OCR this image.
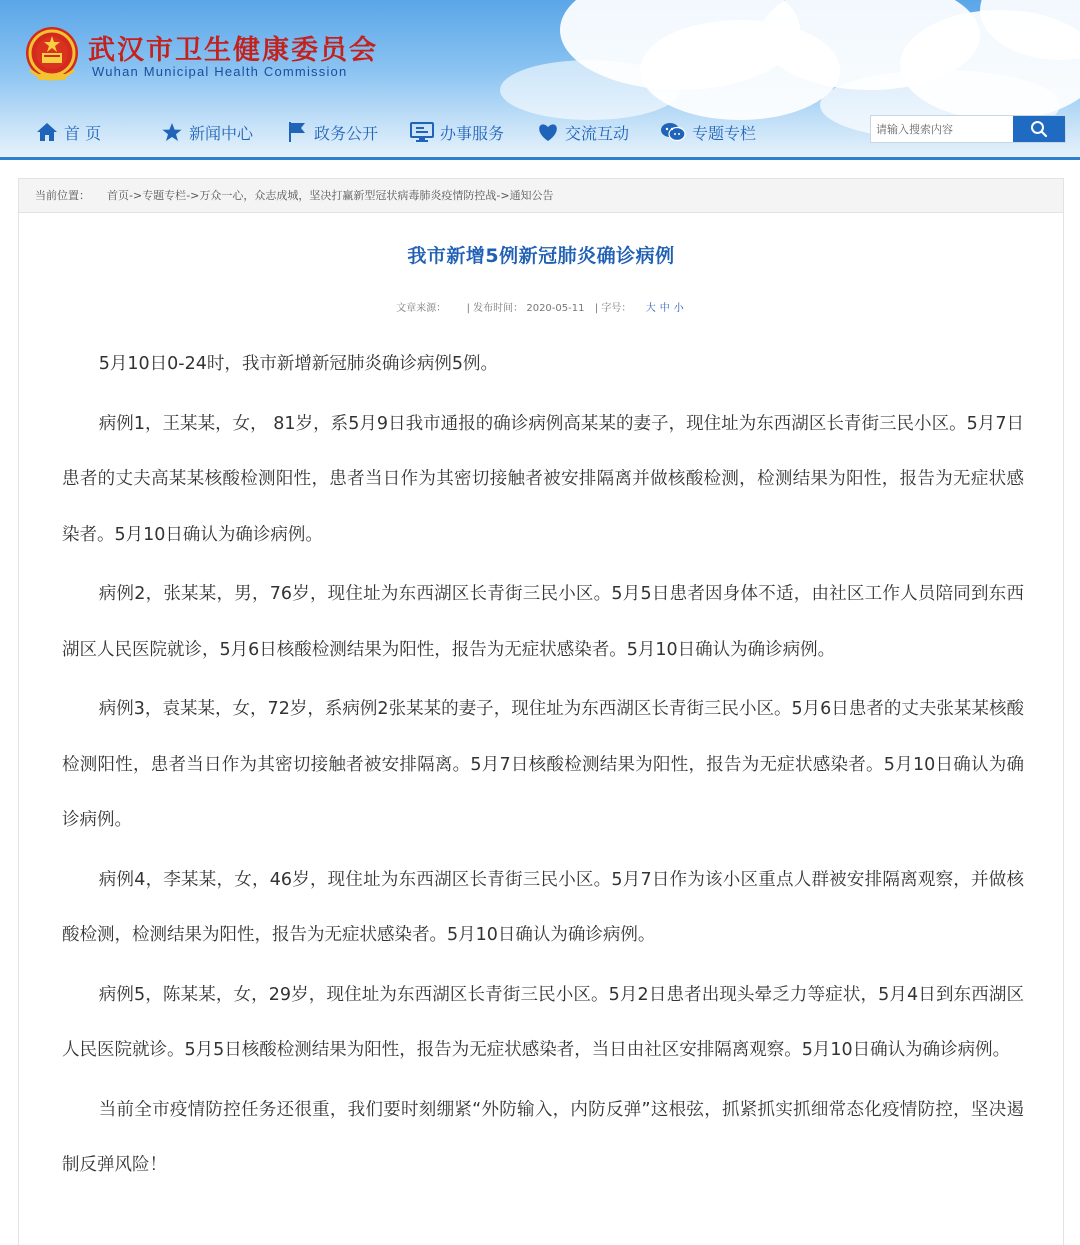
武汉市卫生健康委员会
Wuhan Municipal Health Commission
首 页	新闻中心	政务公开	办事服务	交流互动	专题专栏
请输入搜索内容
当前位置： 首页->专题专栏->万众一心，众志成城，坚决打赢新型冠状病毒肺炎疫情防控战->通知公告
我市新增5例新冠肺炎确诊病例
文章来源： | 发布时间： 2020-05-11 | 字号： 大 中 小

5月10日0-24时，我市新增新冠肺炎确诊病例5例。

病例1，王某某，女， 81岁，系5月9日我市通报的确诊病例高某某的妻子，现住址为东西湖区长青街三民小区。5月7日患者的丈夫高某某核酸检测阳性，患者当日作为其密切接触者被安排隔离并做核酸检测，检测结果为阳性，报告为无症状感染者。5月10日确认为确诊病例。

病例2，张某某，男，76岁，现住址为东西湖区长青街三民小区。5月5日患者因身体不适，由社区工作人员陪同到东西湖区人民医院就诊，5月6日核酸检测结果为阳性，报告为无症状感染者。5月10日确认为确诊病例。

病例3，袁某某，女，72岁，系病例2张某某的妻子，现住址为东西湖区长青街三民小区。5月6日患者的丈夫张某某核酸检测阳性，患者当日作为其密切接触者被安排隔离。5月7日核酸检测结果为阳性，报告为无症状感染者。5月10日确认为确诊病例。

病例4，李某某，女，46岁，现住址为东西湖区长青街三民小区。5月7日作为该小区重点人群被安排隔离观察，并做核酸检测，检测结果为阳性，报告为无症状感染者。5月10日确认为确诊病例。

病例5，陈某某，女，29岁，现住址为东西湖区长青街三民小区。5月2日患者出现头晕乏力等症状，5月4日到东西湖区人民医院就诊。5月5日核酸检测结果为阳性，报告为无症状感染者，当日由社区安排隔离观察。5月10日确认为确诊病例。

当前全市疫情防控任务还很重，我们要时刻绷紧“外防输入，内防反弹”这根弦，抓紧抓实抓细常态化疫情防控，坚决遏制反弹风险！
